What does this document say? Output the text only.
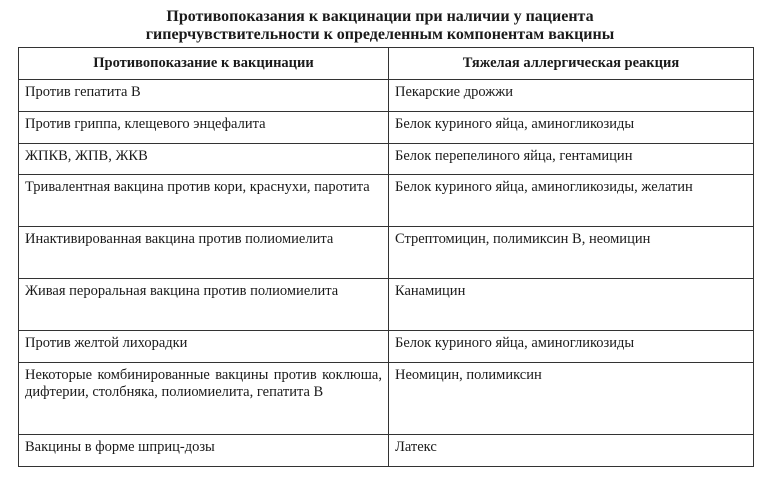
Противопоказания к вакцинации при наличии у пациента
гиперчувствительности к определенным компонентам вакцины
Противопоказание к вакцинации	Тяжелая аллергическая реакция
Против гепатита В	Пекарские дрожжи
Против гриппа, клещевого энцефалита	Белок куриного яйца, аминогликозиды
ЖПКВ, ЖПВ, ЖКВ	Белок перепелиного яйца, гентамицин
Тривалентная вакцина против кори, краснухи, паротита	Белок куриного яйца, аминогликозиды, желатин
Инактивированная вакцина против полиомиелита	Стрептомицин, полимиксин В, неомицин
Живая пероральная вакцина против полиомиелита	Канамицин
Против желтой лихорадки	Белок куриного яйца, аминогликозиды
Некоторые комбинированные вакцины против коклюша, дифтерии, столбняка, полиомиелита, гепатита В	Неомицин, полимиксин
Вакцины в форме шприц-дозы	Латекс
